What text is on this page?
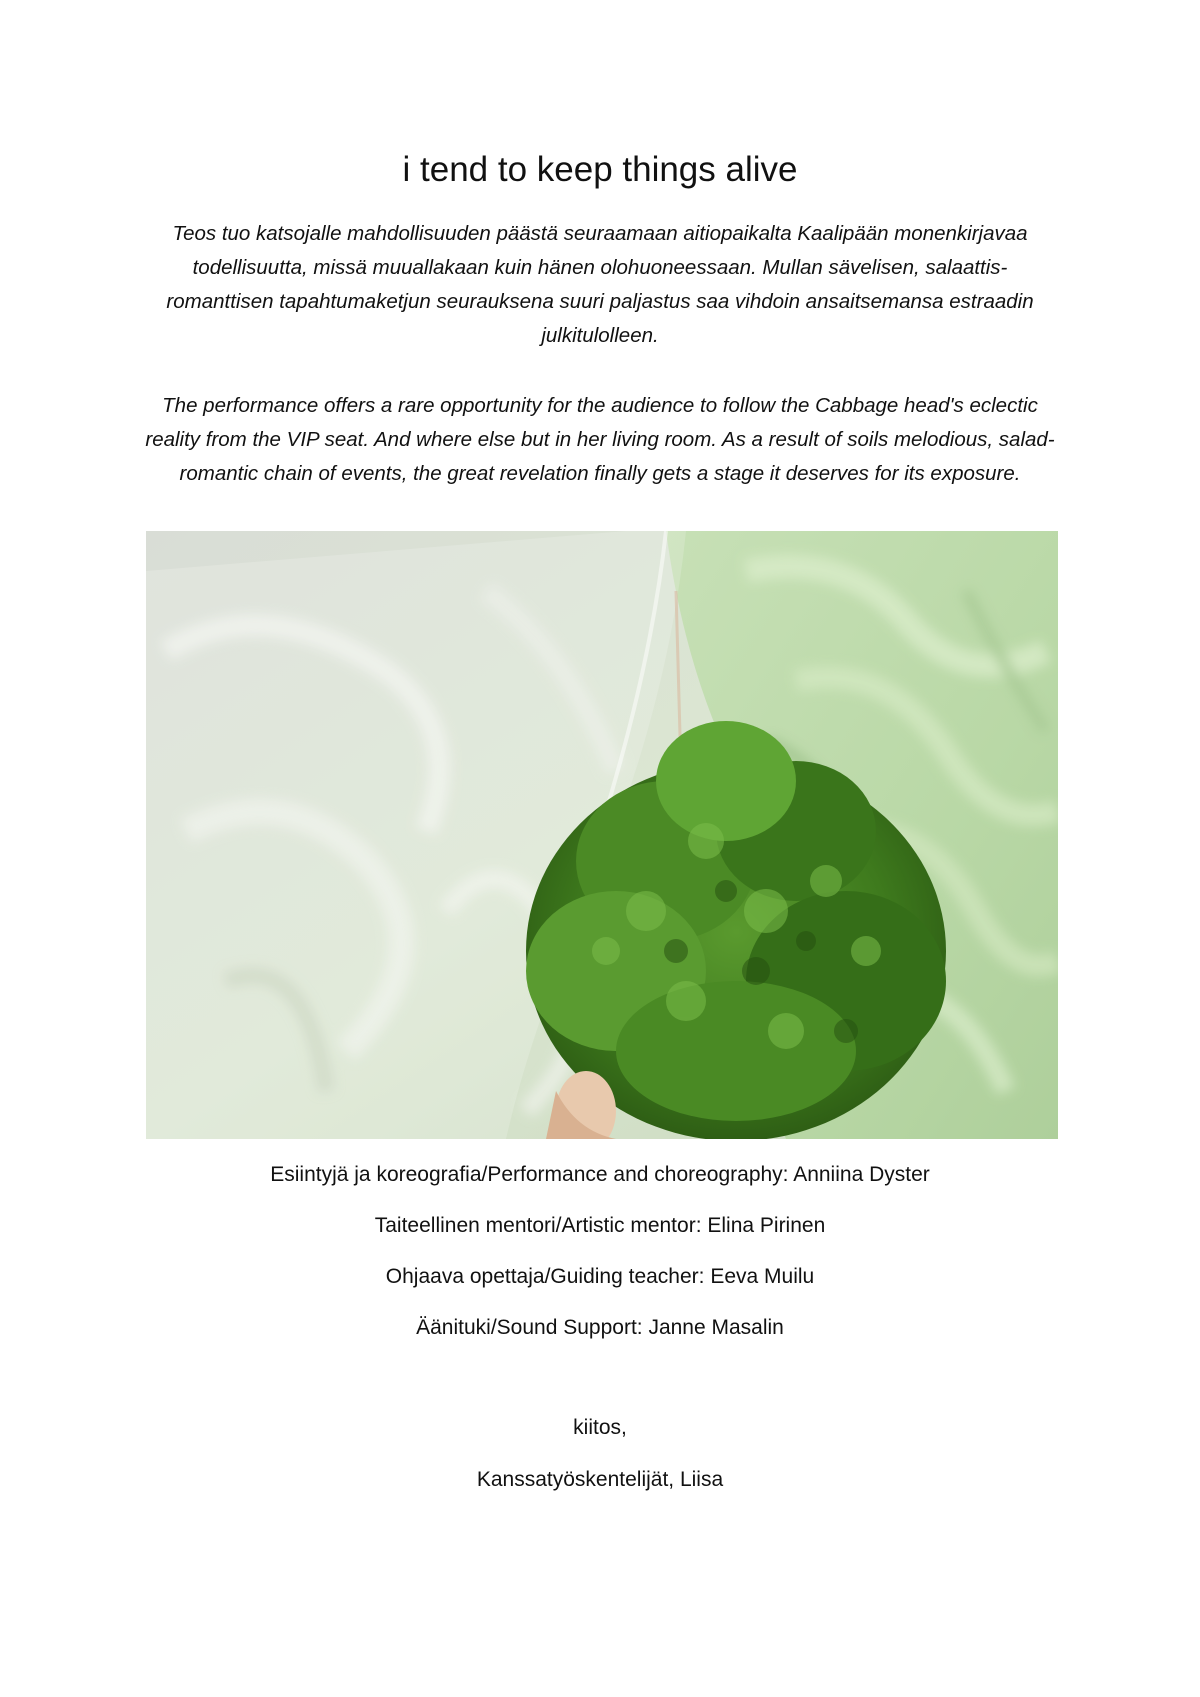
i tend to keep things alive

Teos tuo katsojalle mahdollisuuden päästä seuraamaan aitiopaikalta Kaalipään monenkirjavaa todellisuutta, missä muuallakaan kuin hänen olohuoneessaan. Mullan sävelisen, salaattis-romanttisen tapahtumaketjun seurauksena suuri paljastus saa vihdoin ansaitsemansa estraadin julkitulolleen.

The performance offers a rare opportunity for the audience to follow the Cabbage head's eclectic reality from the VIP seat. And where else but in her living room. As a result of soils melodious, salad-romantic chain of events, the great revelation finally gets a stage it deserves for its exposure.

Esiintyjä ja koreografia/Performance and choreography: Anniina Dyster

Taiteellinen mentori/Artistic mentor: Elina Pirinen

Ohjaava opettaja/Guiding teacher: Eeva Muilu

Äänituki/Sound Support: Janne Masalin

kiitos,

Kanssatyöskentelijät, Liisa
